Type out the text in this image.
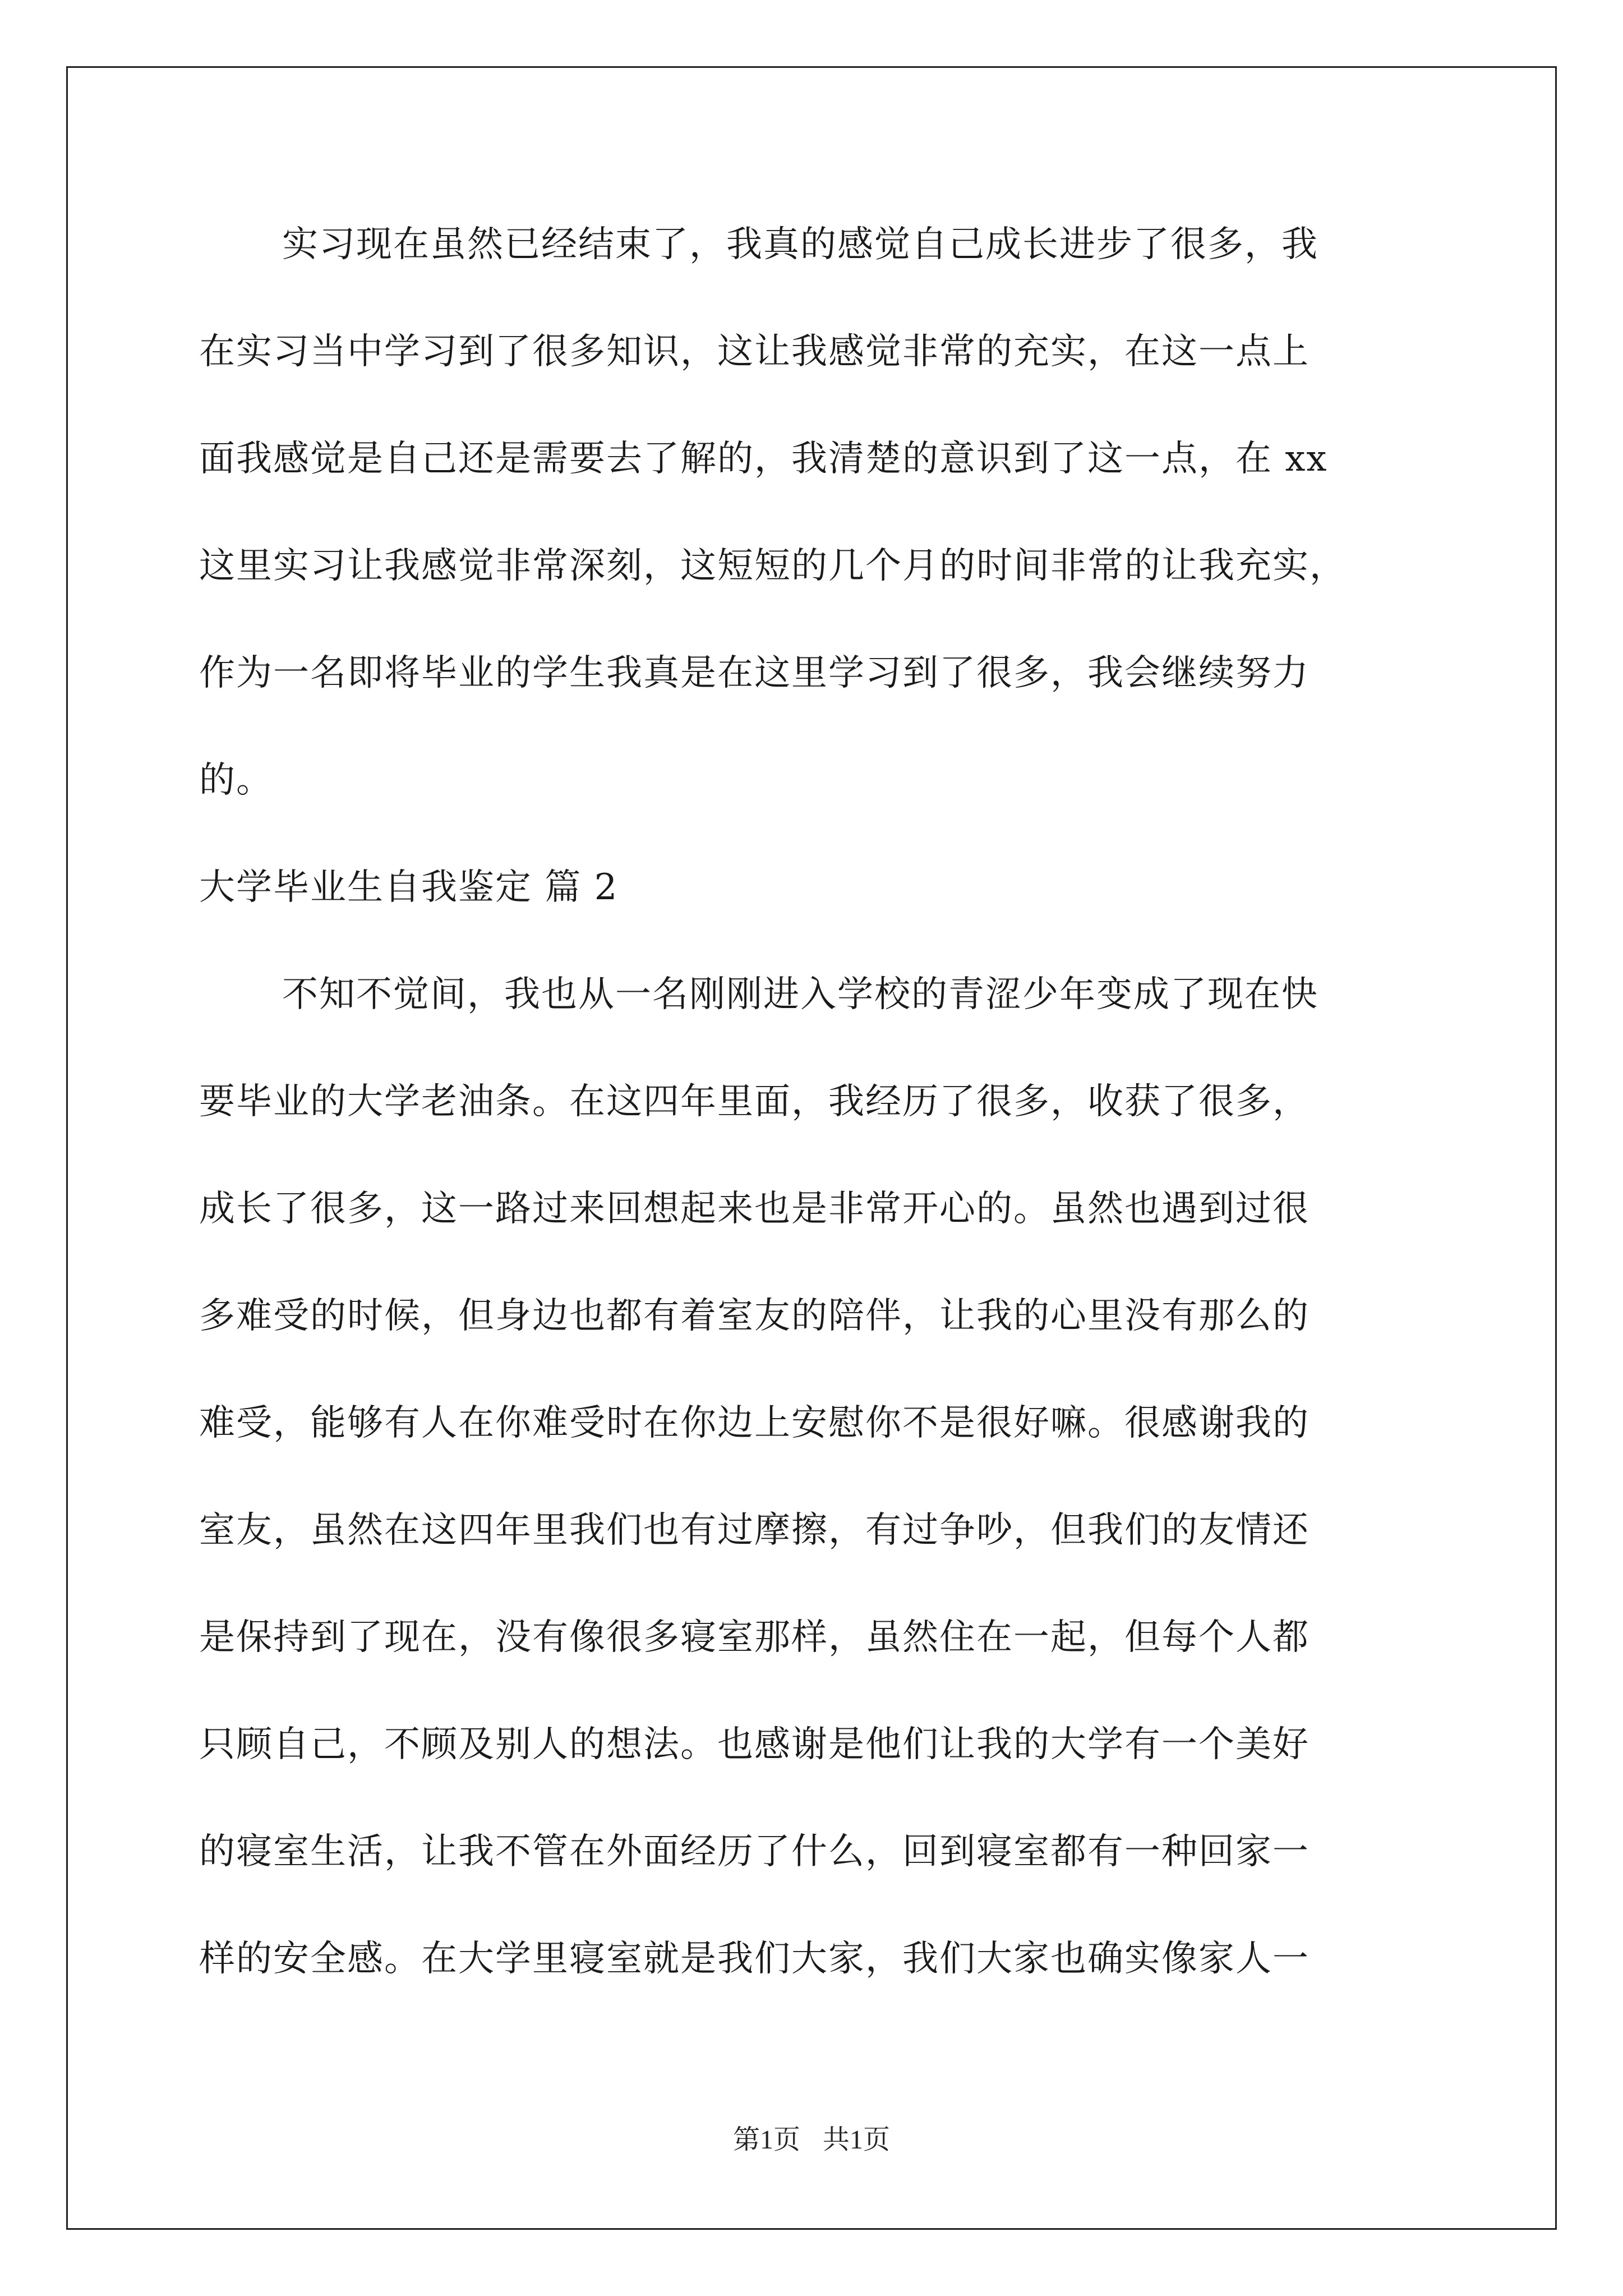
实习现在虽然已经结束了，我真的感觉自己成长进步了很多，我
在实习当中学习到了很多知识，这让我感觉非常的充实，在这一点上
面我感觉是自己还是需要去了解的，我清楚的意识到了这一点，在 xx
这里实习让我感觉非常深刻，这短短的几个月的时间非常的让我充实，
作为一名即将毕业的学生我真是在这里学习到了很多，我会继续努力
的。
大学毕业生自我鉴定 篇 2
不知不觉间，我也从一名刚刚进入学校的青涩少年变成了现在快
要毕业的大学老油条。在这四年里面，我经历了很多，收获了很多，
成长了很多，这一路过来回想起来也是非常开心的。虽然也遇到过很
多难受的时候，但身边也都有着室友的陪伴，让我的心里没有那么的
难受，能够有人在你难受时在你边上安慰你不是很好嘛。很感谢我的
室友，虽然在这四年里我们也有过摩擦，有过争吵，但我们的友情还
是保持到了现在，没有像很多寝室那样，虽然住在一起，但每个人都
只顾自己，不顾及别人的想法。也感谢是他们让我的大学有一个美好
的寝室生活，让我不管在外面经历了什么，回到寝室都有一种回家一
样的安全感。在大学里寝室就是我们大家，我们大家也确实像家人一
第1页 共1页
